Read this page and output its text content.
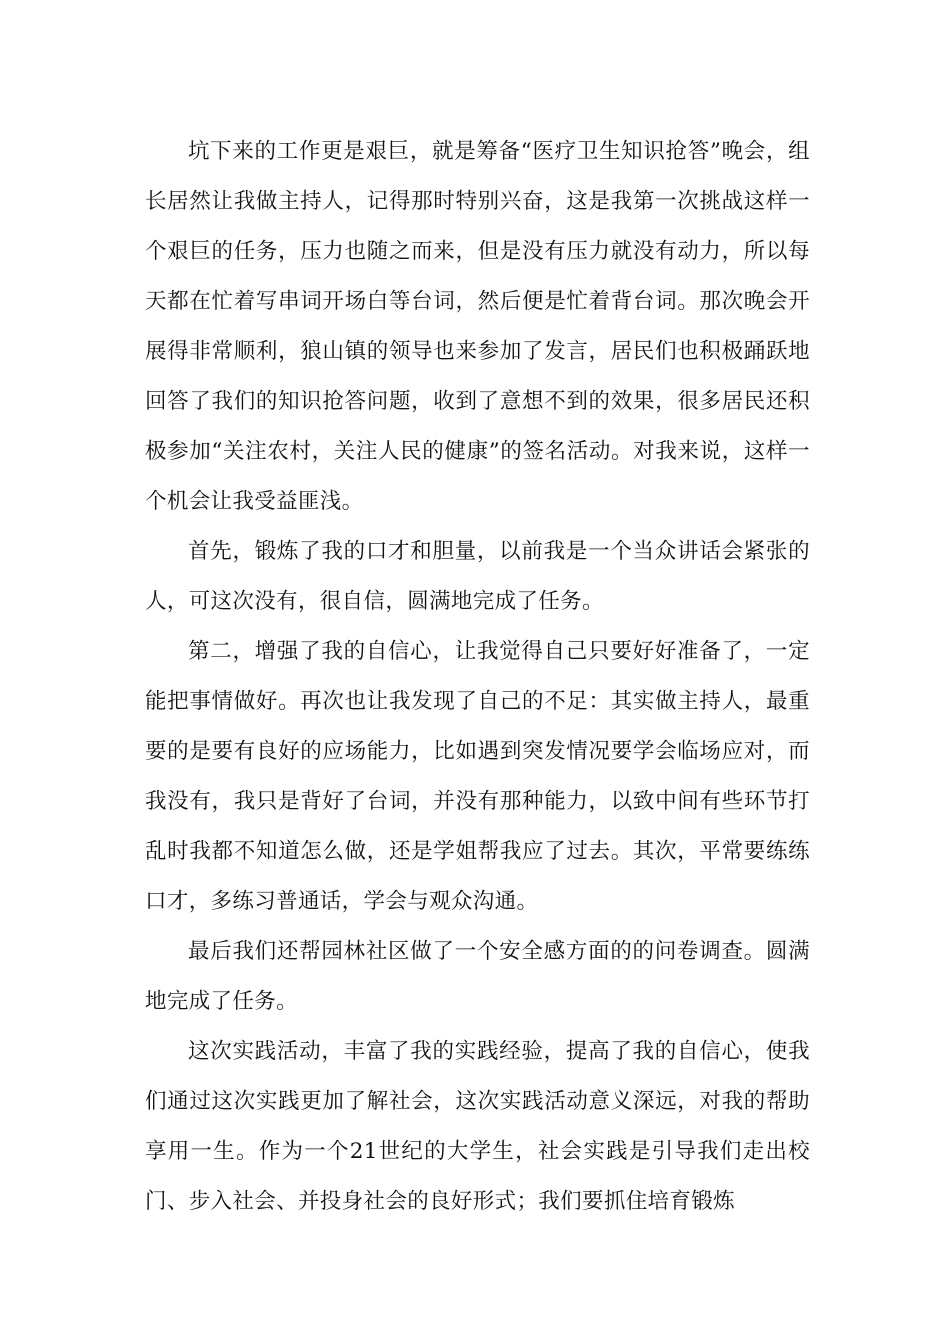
坑下来的工作更是艰巨，就是筹备“医疗卫生知识抢答”晚会，组长居然让我做主持人，记得那时特别兴奋，这是我第一次挑战这样一个艰巨的任务，压力也随之而来，但是没有压力就没有动力，所以每天都在忙着写串词开场白等台词，然后便是忙着背台词。那次晚会开展得非常顺利，狼山镇的领导也来参加了发言，居民们也积极踊跃地回答了我们的知识抢答问题，收到了意想不到的效果，很多居民还积极参加“关注农村，关注人民的健康”的签名活动。对我来说，这样一个机会让我受益匪浅。

首先，锻炼了我的口才和胆量，以前我是一个当众讲话会紧张的人，可这次没有，很自信，圆满地完成了任务。

第二，增强了我的自信心，让我觉得自己只要好好准备了，一定能把事情做好。再次也让我发现了自己的不足：其实做主持人，最重要的是要有良好的应场能力，比如遇到突发情况要学会临场应对，而我没有，我只是背好了台词，并没有那种能力，以致中间有些环节打乱时我都不知道怎么做，还是学姐帮我应了过去。其次，平常要练练口才，多练习普通话，学会与观众沟通。

最后我们还帮园林社区做了一个安全感方面的的问卷调查。圆满地完成了任务。

这次实践活动，丰富了我的实践经验，提高了我的自信心，使我们通过这次实践更加了解社会，这次实践活动意义深远，对我的帮助享用一生。作为一个21世纪的大学生，社会实践是引导我们走出校门、步入社会、并投身社会的良好形式；我们要抓住培育锻炼
